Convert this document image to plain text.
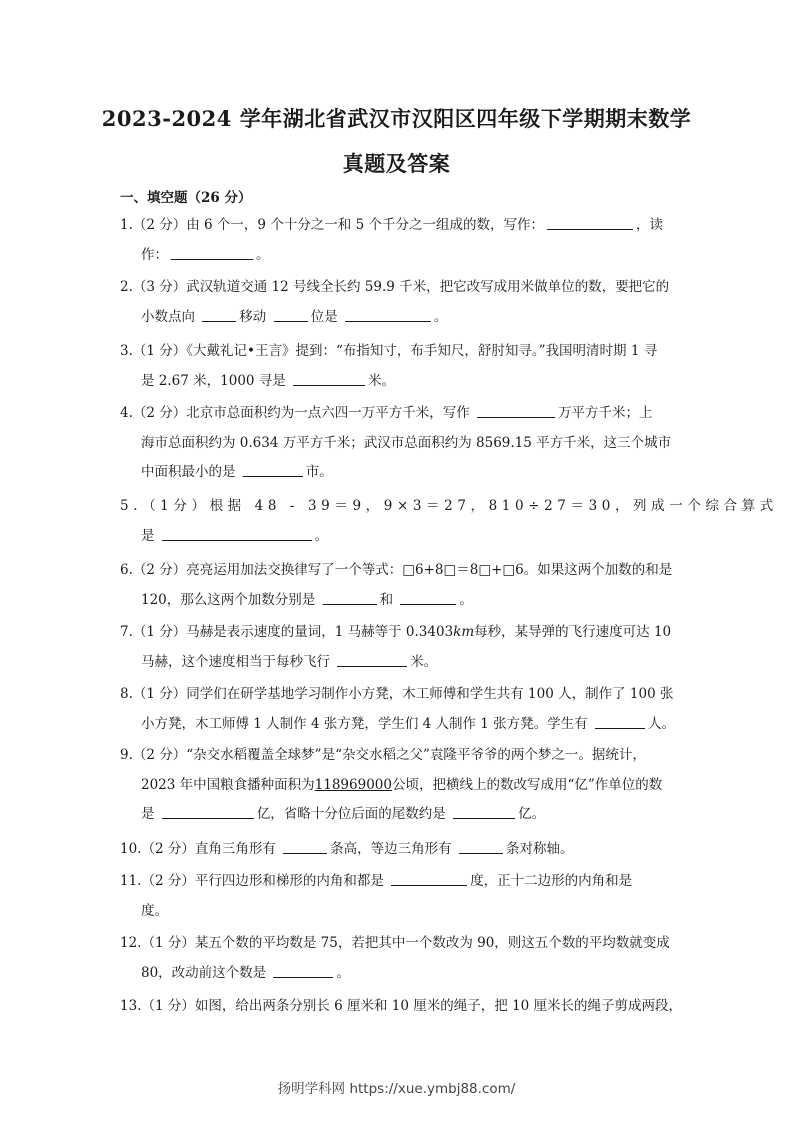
2023-2024 学年湖北省武汉市汉阳区四年级下学期期末数学
真题及答案
一、填空题（26 分）
1.（2 分）由 6 个一，9 个十分之一和 5 个千分之一组成的数，写作：	，读
作：	。
2.（3 分）武汉轨道交通 12 号线全长约 59.9 千米，把它改写成用米做单位的数，要把它的
小数点向	移动	位是	。
3.（1 分）《大戴礼记•王言》提到：“布指知寸，布手知尺，舒肘知寻。”我国明清时期 1 寻
是 2.67 米，1000 寻是	米。
4.（2 分）北京市总面积约为一点六四一万平方千米，写作	万平方千米；上
海市总面积约为 0.634 万平方千米；武汉市总面积约为 8569.15 平方千米，这三个城市
中面积最小的是	市。
5.（1分）根据 48 - 39＝9，9×3＝27，810÷27＝30，列成一个综合算式
是	。
6.（2 分）亮亮运用加法交换律写了一个等式：□6+8□＝8□+□6。如果这两个加数的和是
120，那么这两个加数分别是	和	。
7.（1 分）马赫是表示速度的量词，1 马赫等于 0.3403km每秒，某导弹的飞行速度可达 10
马赫，这个速度相当于每秒飞行	米。
8.（1 分）同学们在研学基地学习制作小方凳，木工师傅和学生共有 100 人，制作了 100 张
小方凳，木工师傅 1 人制作 4 张方凳，学生们 4 人制作 1 张方凳。学生有	人。
9.（2 分）“杂交水稻覆盖全球梦”是“杂交水稻之父”袁隆平爷爷的两个梦之一。据统计，
2023 年中国粮食播种面积为118969000公顷，把横线上的数改写成用“亿”作单位的数
是	亿，省略十分位后面的尾数约是	亿。
10.（2 分）直角三角形有	条高，等边三角形有	条对称轴。
11.（2 分）平行四边形和梯形的内角和都是	度，正十二边形的内角和是
度。
12.（1 分）某五个数的平均数是 75，若把其中一个数改为 90，则这五个数的平均数就变成
80，改动前这个数是	。
13.（1 分）如图，给出两条分别长 6 厘米和 10 厘米的绳子，把 10 厘米长的绳子剪成两段，
扬明学科网 https://xue.ymbj88.com/
